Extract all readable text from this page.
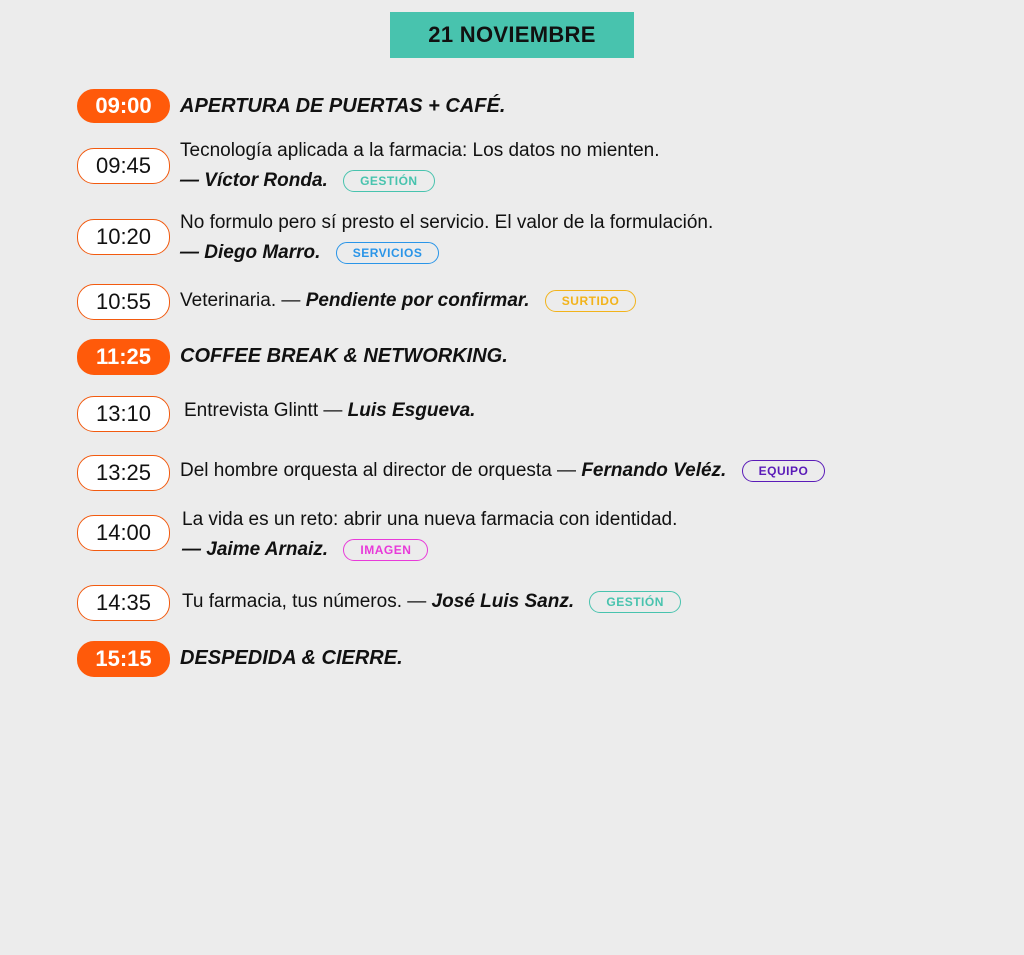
21 NOVIEMBRE
09:00	APERTURA DE PUERTAS + CAFÉ.
09:45
Tecnología aplicada a la farmacia: Los datos no mienten.
— Víctor Ronda.	GESTIÓN
10:20
No formulo pero sí presto el servicio. El valor de la formulación.
— Diego Marro.	SERVICIOS
10:55	Veterinaria. — Pendiente por confirmar.	SURTIDO
11:25	COFFEE BREAK & NETWORKING.
13:10	Entrevista Glintt — Luis Esgueva.
13:25	Del hombre orquesta al director de orquesta — Fernando Veléz.	EQUIPO
14:00
La vida es un reto: abrir una nueva farmacia con identidad.
— Jaime Arnaiz.	IMAGEN
14:35	Tu farmacia, tus números. — José Luis Sanz.	GESTIÓN
15:15	DESPEDIDA & CIERRE.
